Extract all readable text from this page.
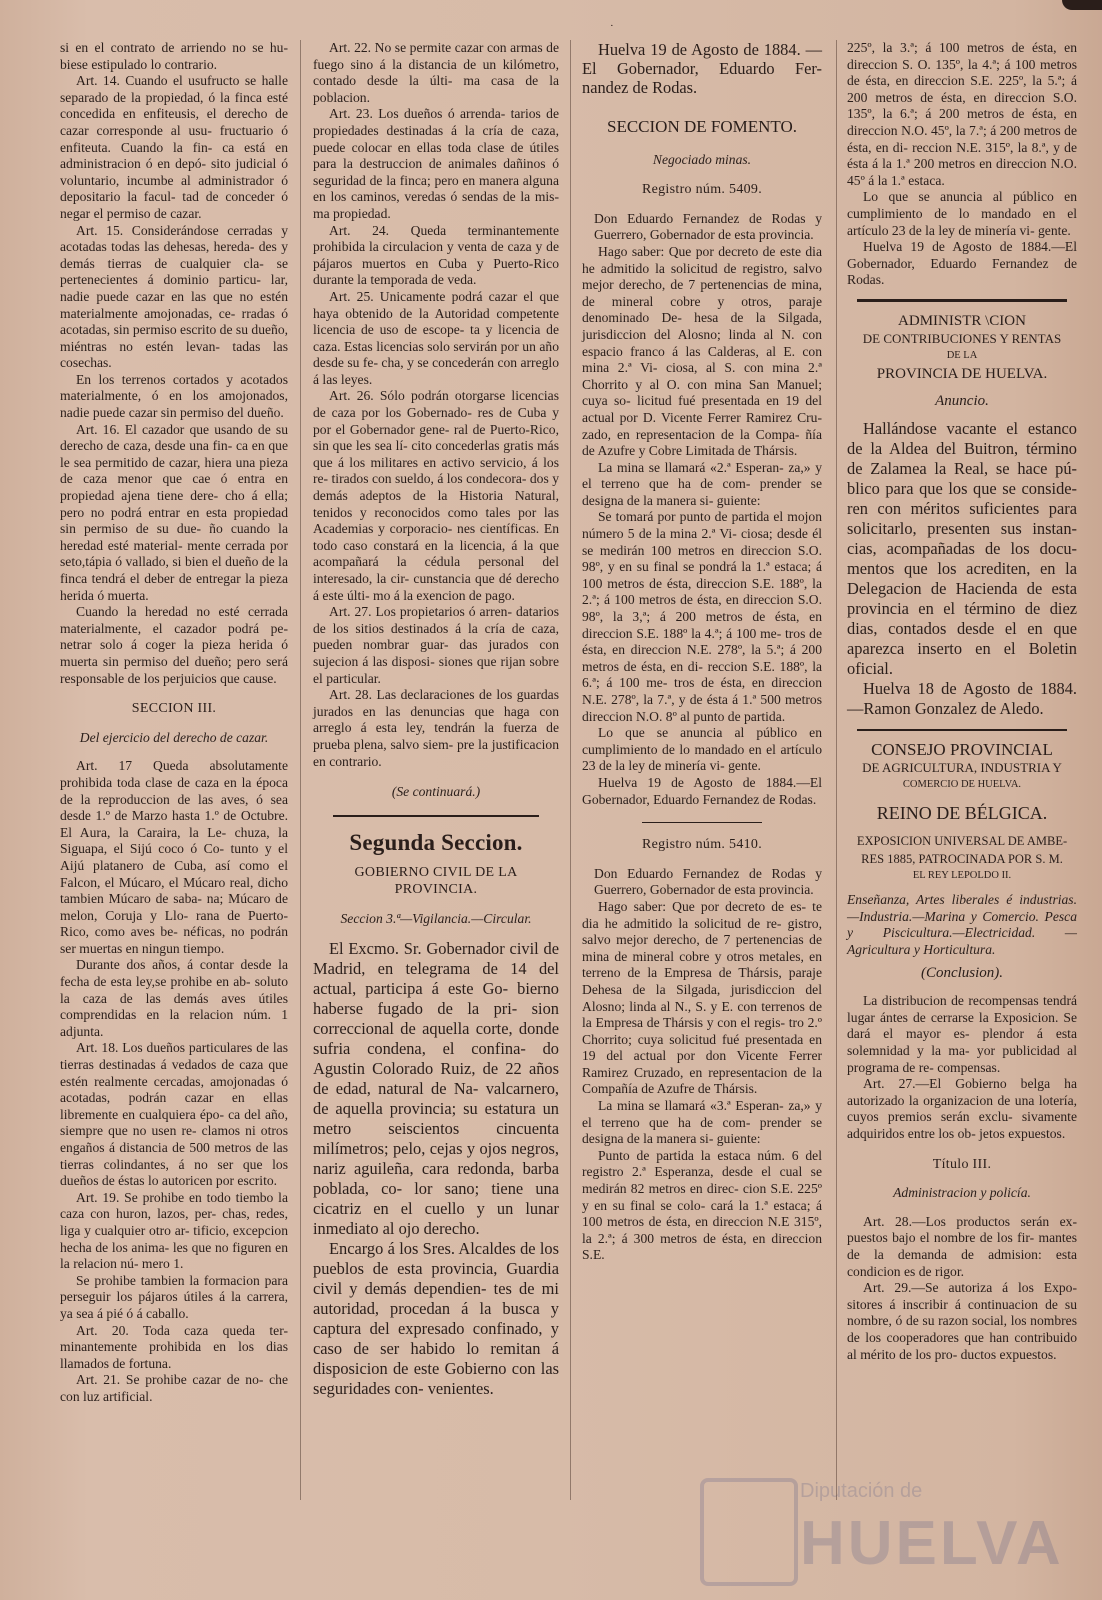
·

si en el contrato de arriendo no se hu- biese estipulado lo contrario.

Art. 14. Cuando el usufructo se halle separado de la propiedad, ó la finca esté concedida en enfiteusis, el derecho de cazar corresponde al usu- fructuario ó enfiteuta. Cuando la fin- ca está en administracion ó en depó- sito judicial ó voluntario, incumbe al administrador ó depositario la facul- tad de conceder ó negar el permiso de cazar.

Art. 15. Considerándose cerradas y acotadas todas las dehesas, hereda- des y demás tierras de cualquier cla- se pertenecientes á dominio particu- lar, nadie puede cazar en las que no estén materialmente amojonadas, ce- rradas ó acotadas, sin permiso escrito de su dueño, miéntras no estén levan- tadas las cosechas.

En los terrenos cortados y acotados materialmente, ó en los amojonados, nadie puede cazar sin permiso del dueño.

Art. 16. El cazador que usando de su derecho de caza, desde una fin- ca en que le sea permitido de cazar, hiera una pieza de caza menor que cae ó entra en propiedad ajena tiene dere- cho á ella; pero no podrá entrar en esta propiedad sin permiso de su due- ño cuando la heredad esté material- mente cerrada por seto,tápia ó vallado, si bien el dueño de la finca tendrá el deber de entregar la pieza herida ó muerta.

Cuando la heredad no esté cerrada materialmente, el cazador podrá pe- netrar solo á coger la pieza herida ó muerta sin permiso del dueño; pero será responsable de los perjuicios que cause.

SECCION III.
Del ejercicio del derecho de cazar.

Art. 17 Queda absolutamente prohibida toda clase de caza en la época de la reproduccion de las aves, ó sea desde 1.º de Marzo hasta 1.º de Octubre. El Aura, la Caraira, la Le- chuza, la Siguapa, el Sijú coco ó Co- tunto y el Aijú platanero de Cuba, así como el Falcon, el Múcaro, el Múcaro real, dicho tambien Múcaro de saba- na; Múcaro de melon, Coruja y Llo- rana de Puerto-Rico, como aves be- néficas, no podrán ser muertas en ningun tiempo.

Durante dos años, á contar desde la fecha de esta ley,se prohibe en ab- soluto la caza de las demás aves útiles comprendidas en la relacion núm. 1 adjunta.

Art. 18. Los dueños particulares de las tierras destinadas á vedados de caza que estén realmente cercadas, amojonadas ó acotadas, podrán cazar en ellas libremente en cualquiera épo- ca del año, siempre que no usen re- clamos ni otros engaños á distancia de 500 metros de las tierras colindantes, á no ser que los dueños de éstas lo autoricen por escrito.

Art. 19. Se prohibe en todo tiembo la caza con huron, lazos, per- chas, redes, liga y cualquier otro ar- tificio, excepcion hecha de los anima- les que no figuren en la relacion nú- mero 1.

Se prohibe tambien la formacion para perseguir los pájaros útiles á la carrera, ya sea á pié ó á caballo.

Art. 20. Toda caza queda ter- minantemente prohibida en los dias llamados de fortuna.

Art. 21. Se prohibe cazar de no- che con luz artificial.

Art. 22. No se permite cazar con armas de fuego sino á la distancia de un kilómetro, contado desde la últi- ma casa de la poblacion.

Art. 23. Los dueños ó arrenda- tarios de propiedades destinadas á la cría de caza, puede colocar en ellas toda clase de útiles para la destruccion de animales dañinos ó seguridad de la finca; pero en manera alguna en los caminos, veredas ó sendas de la mis- ma propiedad.

Art. 24. Queda terminantemente prohibida la circulacion y venta de caza y de pájaros muertos en Cuba y Puerto-Rico durante la temporada de veda.

Art. 25. Unicamente podrá cazar el que haya obtenido de la Autoridad competente licencia de uso de escope- ta y licencia de caza. Estas licencias solo servirán por un año desde su fe- cha, y se concederán con arreglo á las leyes.

Art. 26. Sólo podrán otorgarse licencias de caza por los Gobernado- res de Cuba y por el Gobernador gene- ral de Puerto-Rico, sin que les sea lí- cito concederlas gratis más que á los militares en activo servicio, á los re- tirados con sueldo, á los condecora- dos y demás adeptos de la Historia Natural, tenidos y reconocidos como tales por las Academias y corporacio- nes científicas. En todo caso constará en la licencia, á la que acompañará la cédula personal del interesado, la cir- cunstancia que dé derecho á este últi- mo á la exencion de pago.

Art. 27. Los propietarios ó arren- datarios de los sitios destinados á la cría de caza, pueden nombrar guar- das jurados con sujecion á las disposi- siones que rijan sobre el particular.

Art. 28. Las declaraciones de los guardas jurados en las denuncias que haga con arreglo á esta ley, tendrán la fuerza de prueba plena, salvo siem- pre la justificacion en contrario.

(Se continuará.)
Segunda Seccion.
GOBIERNO CIVIL DE LA PROVINCIA.
Seccion 3.ª—Vigilancia.—Circular.

El Excmo. Sr. Gobernador civil de Madrid, en telegrama de 14 del actual, participa á este Go- bierno haberse fugado de la pri- sion correccional de aquella corte, donde sufria condena, el confina- do Agustin Colorado Ruiz, de 22 años de edad, natural de Na- valcarnero, de aquella provincia; su estatura un metro seiscientos cincuenta milímetros; pelo, cejas y ojos negros, nariz aguileña, cara redonda, barba poblada, co- lor sano; tiene una cicatriz en el cuello y un lunar inmediato al ojo derecho.

Encargo á los Sres. Alcaldes de los pueblos de esta provincia, Guardia civil y demás dependien- tes de mi autoridad, procedan á la busca y captura del expresado confinado, y caso de ser habido lo remitan á disposicion de este Gobierno con las seguridades con- venientes.

Huelva 19 de Agosto de 1884. —El Gobernador, Eduardo Fer- nandez de Rodas.

SECCION DE FOMENTO.
Negociado minas.
Registro núm. 5409.

Don Eduardo Fernandez de Rodas y Guerrero, Gobernador de esta provincia.

Hago saber: Que por decreto de este dia he admitido la solicitud de registro, salvo mejor derecho, de 7 pertenencias de mina, de mineral cobre y otros, paraje denominado De- hesa de la Silgada, jurisdiccion del Alosno; linda al N. con espacio franco á las Calderas, al E. con mina 2.ª Vi- ciosa, al S. con mina 2.ª Chorrito y al O. con mina San Manuel; cuya so- licitud fué presentada en 19 del actual por D. Vicente Ferrer Ramirez Cru- zado, en representacion de la Compa- ñía de Azufre y Cobre Limitada de Thársis.

La mina se llamará «2.ª Esperan- za,» y el terreno que ha de com- prender se designa de la manera si- guiente:

Se tomará por punto de partida el mojon número 5 de la mina 2.ª Vi- ciosa; desde él se medirán 100 metros en direccion S.O. 98º, y en su final se pondrá la 1.ª estaca; á 100 metros de ésta, direccion S.E. 188º, la 2.ª; á 100 metros de ésta, en direccion S.O. 98º, la 3,ª; á 200 metros de ésta, en direccion S.E. 188º la 4.ª; á 100 me- tros de ésta, en direccion N.E. 278º, la 5.ª; á 200 metros de ésta, en di- reccion S.E. 188º, la 6.ª; á 100 me- tros de ésta, en direccion N.E. 278º, la 7.ª, y de ésta á 1.ª 500 metros direccion N.O. 8º al punto de partida.

Lo que se anuncia al público en cumplimiento de lo mandado en el artículo 23 de la ley de minería vi- gente.

Huelva 19 de Agosto de 1884.—El Gobernador, Eduardo Fernandez de Rodas.

Registro núm. 5410.

Don Eduardo Fernandez de Rodas y Guerrero, Gobernador de esta provincia.

Hago saber: Que por decreto de es- te dia he admitido la solicitud de re- gistro, salvo mejor derecho, de 7 pertenencias de mina de mineral cobre y otros metales, en terreno de la Empresa de Thársis, paraje Dehesa de la Silgada, jurisdiccion del Alosno; linda al N., S. y E. con terrenos de la Empresa de Thársis y con el regis- tro 2.º Chorrito; cuya solicitud fué presentada en 19 del actual por don Vicente Ferrer Ramirez Cruzado, en representacion de la Compañía de Azufre de Thársis.

La mina se llamará «3.ª Esperan- za,» y el terreno que ha de com- prender se designa de la manera si- guiente:

Punto de partida la estaca núm. 6 del registro 2.ª Esperanza, desde el cual se medirán 82 metros en direc- cion S.E. 225º y en su final se colo- cará la 1.ª estaca; á 100 metros de ésta, en direccion N.E 315º, la 2.ª; á 300 metros de ésta, en direccion S.E.

225º, la 3.ª; á 100 metros de ésta, en direccion S. O. 135º, la 4.ª; á 100 metros de ésta, en direccion S.E. 225º, la 5.ª; á 200 metros de ésta, en direccion S.O. 135º, la 6.ª; á 200 metros de ésta, en direccion N.O. 45º, la 7.ª; á 200 metros de ésta, en di- reccion N.E. 315º, la 8.ª, y de ésta á la 1.ª 200 metros en direccion N.O. 45º á la 1.ª estaca.

Lo que se anuncia al público en cumplimiento de lo mandado en el artículo 23 de la ley de minería vi- gente.

Huelva 19 de Agosto de 1884.—El Gobernador, Eduardo Fernandez de Rodas.

ADMINISTR \CION
DE CONTRIBUCIONES Y RENTAS
DE LA
PROVINCIA DE HUELVA.
Anuncio.

Hallándose vacante el estanco de la Aldea del Buitron, término de Zalamea la Real, se hace pú- blico para que los que se conside- ren con méritos suficientes para solicitarlo, presenten sus instan- cias, acompañadas de los docu- mentos que los acrediten, en la Delegacion de Hacienda de esta provincia en el término de diez dias, contados desde el en que aparezca inserto en el Boletin oficial.

Huelva 18 de Agosto de 1884. —Ramon Gonzalez de Aledo.

CONSEJO PROVINCIAL
DE AGRICULTURA, INDUSTRIA Y
COMERCIO DE HUELVA.
REINO DE BÉLGICA.
EXPOSICION UNIVERSAL DE AMBE- RES 1885, PATROCINADA POR S. M.
EL REY LEPOLDO II.
Enseñanza, Artes liberales é industrias. —Industria.—Marina y Comercio. Pesca y Piscicultura.—Electricidad. —Agricultura y Horticultura.
(Conclusion).

La distribucion de recompensas tendrá lugar ántes de cerrarse la Exposicion. Se dará el mayor es- plendor á esta solemnidad y la ma- yor publicidad al programa de re- compensas.

Art. 27.—El Gobierno belga ha autorizado la organizacion de una lotería, cuyos premios serán exclu- sivamente adquiridos entre los ob- jetos expuestos.

Título III.
Administracion y policía.

Art. 28.—Los productos serán ex- puestos bajo el nombre de los fir- mantes de la demanda de admision: esta condicion es de rigor.

Art. 29.—Se autoriza á los Expo- sitores á inscribir á continuacion de su nombre, ó de su razon social, los nombres de los cooperadores que han contribuido al mérito de los pro- ductos expuestos.

Diputación de
HUELVA
